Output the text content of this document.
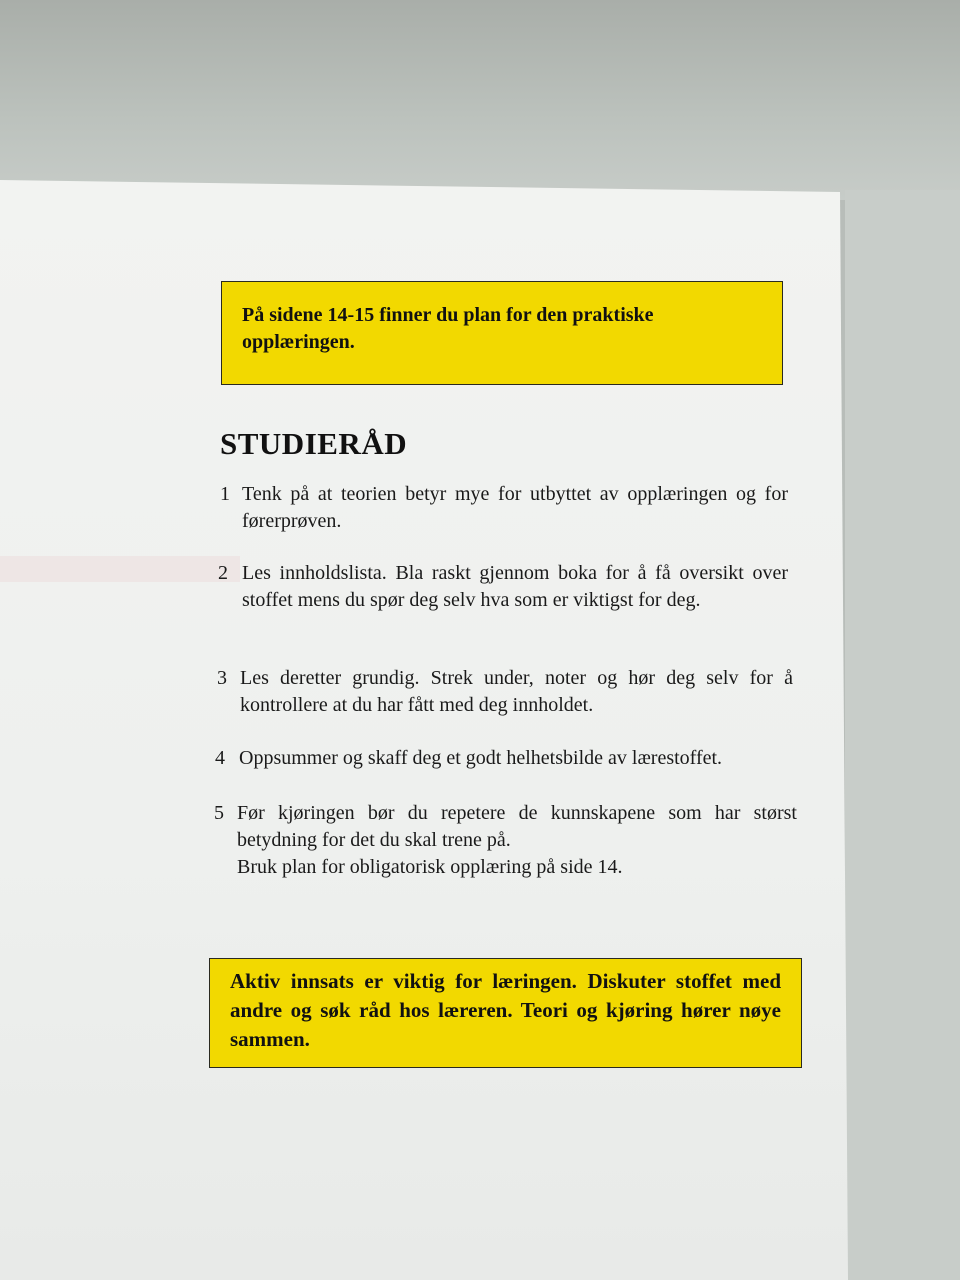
På sidene 14-15 finner du plan for den praktiske opplæringen.
STUDIERÅD
1 Tenk på at teorien betyr mye for utbyttet av opplæringen og for førerprøven.
2 Les innholdslista. Bla raskt gjennom boka for å få oversikt over stoffet mens du spør deg selv hva som er viktigst for deg.
3 Les deretter grundig. Strek under, noter og hør deg selv for å kontrollere at du har fått med deg innholdet.
4 Oppsummer og skaff deg et godt helhetsbilde av lærestoffet.
5 Før kjøringen bør du repetere de kunnskapene som har størst betydning for det du skal trene på.
Bruk plan for obligatorisk opplæring på side 14.
Aktiv innsats er viktig for læringen. Diskuter stoffet med andre og søk råd hos læreren. Teori og kjøring hører nøye sammen.
